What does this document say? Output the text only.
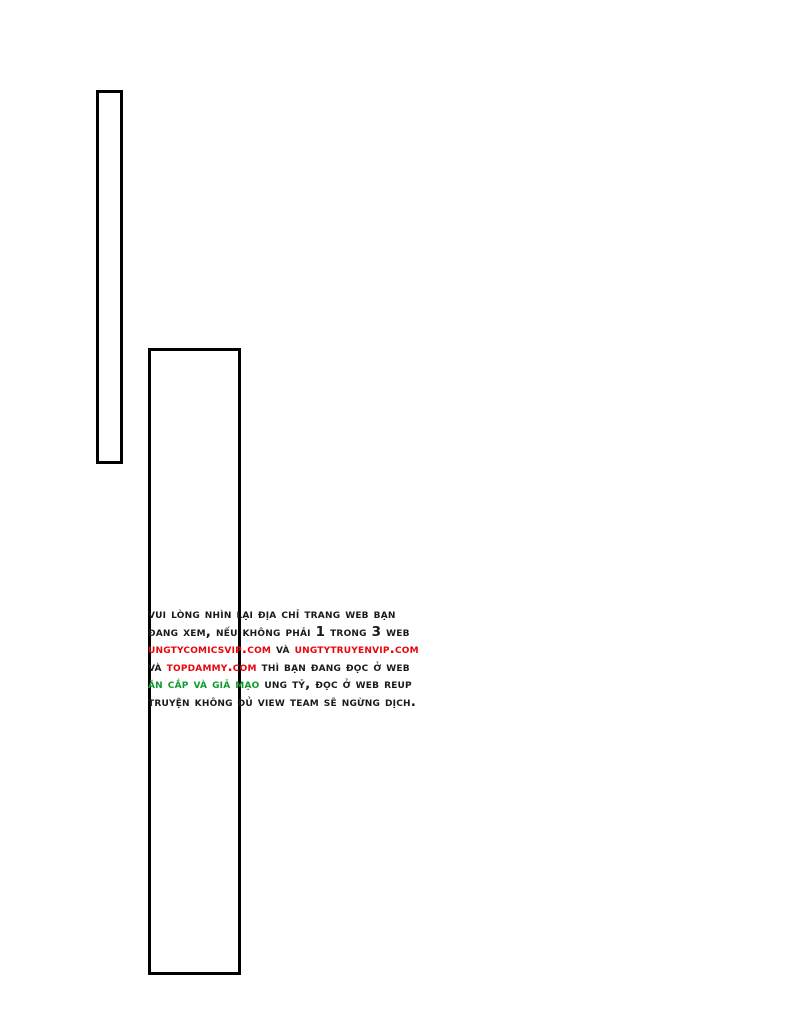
vui lòng nhìn lại địa chỉ trang web bạn
đang xem, nếu không phải 1 trong 3 web
ungtycomicsvip.com và ungtytruyenvip.com
và topdammy.com thì bạn đang đọc ở web
ăn cắp và giả mạo ung tỷ, đọc ở web reup
truyện không đủ view team sẽ ngừng dịch.
